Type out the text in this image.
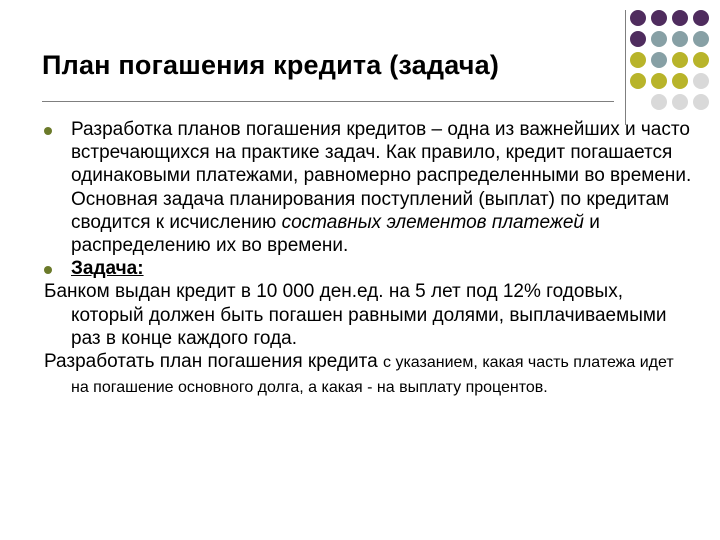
План погашения кредита (задача)
Разработка планов погашения кредитов – одна из важнейших и часто встречающихся на практике задач. Как правило, кредит погашается одинаковыми платежами, равномерно распределенными во времени. Основная задача планирования поступлений (выплат) по кредитам сводится к исчислению составных элементов платежей и распределению их во времени.
Задача:
Банком выдан кредит в 10 000 ден.ед. на 5 лет под 12% годовых, который должен быть погашен равными долями, выплачиваемыми раз в конце каждого года.
Разработать план погашения кредита с указанием, какая часть платежа идет на погашение основного долга, а какая - на выплату процентов.
